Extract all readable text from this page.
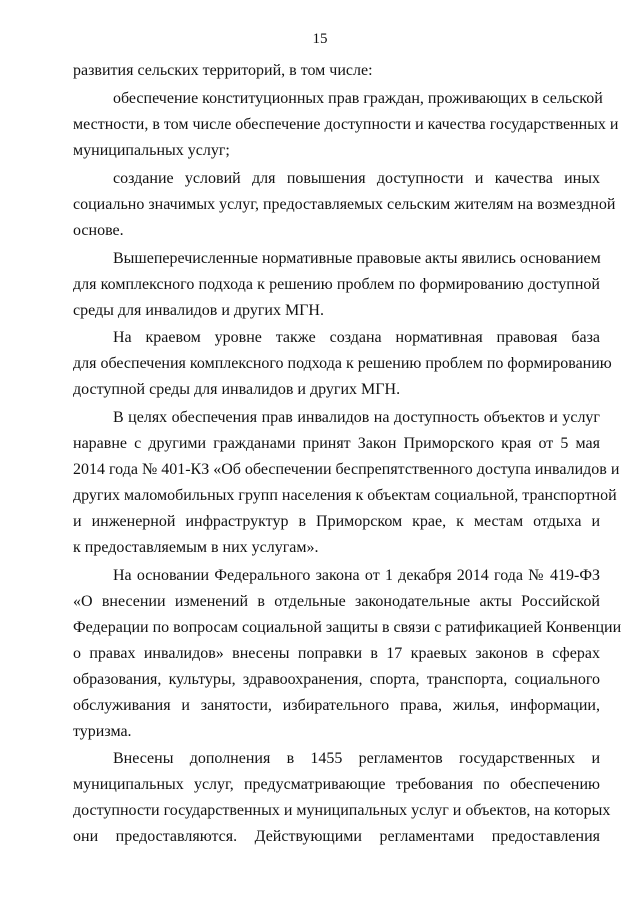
15
развития сельских территорий, в том числе:
обеспечение конституционных прав граждан, проживающих в сельской
местности, в том числе обеспечение доступности и качества государственных и
муниципальных услуг;
создание условий для повышения доступности и качества иных
социально значимых услуг, предоставляемых сельским жителям на возмездной
основе.
Вышеперечисленные нормативные правовые акты явились основанием
для комплексного подхода к решению проблем по формированию доступной
среды для инвалидов и других МГН.
На краевом уровне также создана нормативная правовая база
для обеспечения комплексного подхода к решению проблем по формированию
доступной среды для инвалидов и других МГН.
В целях обеспечения прав инвалидов на доступность объектов и услуг
наравне с другими гражданами принят Закон Приморского края от 5 мая
2014 года № 401-КЗ «Об обеспечении беспрепятственного доступа инвалидов и
других маломобильных групп населения к объектам социальной, транспортной
и инженерной инфраструктур в Приморском крае, к местам отдыха и
к предоставляемым в них услугам».
На основании Федерального закона от 1 декабря 2014 года № 419-ФЗ
«О внесении изменений в отдельные законодательные акты Российской
Федерации по вопросам социальной защиты в связи с ратификацией Конвенции
о правах инвалидов» внесены поправки в 17 краевых законов в сферах
образования, культуры, здравоохранения, спорта, транспорта, социального
обслуживания и занятости, избирательного права, жилья, информации,
туризма.
Внесены дополнения в 1455 регламентов государственных и
муниципальных услуг, предусматривающие требования по обеспечению
доступности государственных и муниципальных услуг и объектов, на которых
они предоставляются. Действующими регламентами предоставления
